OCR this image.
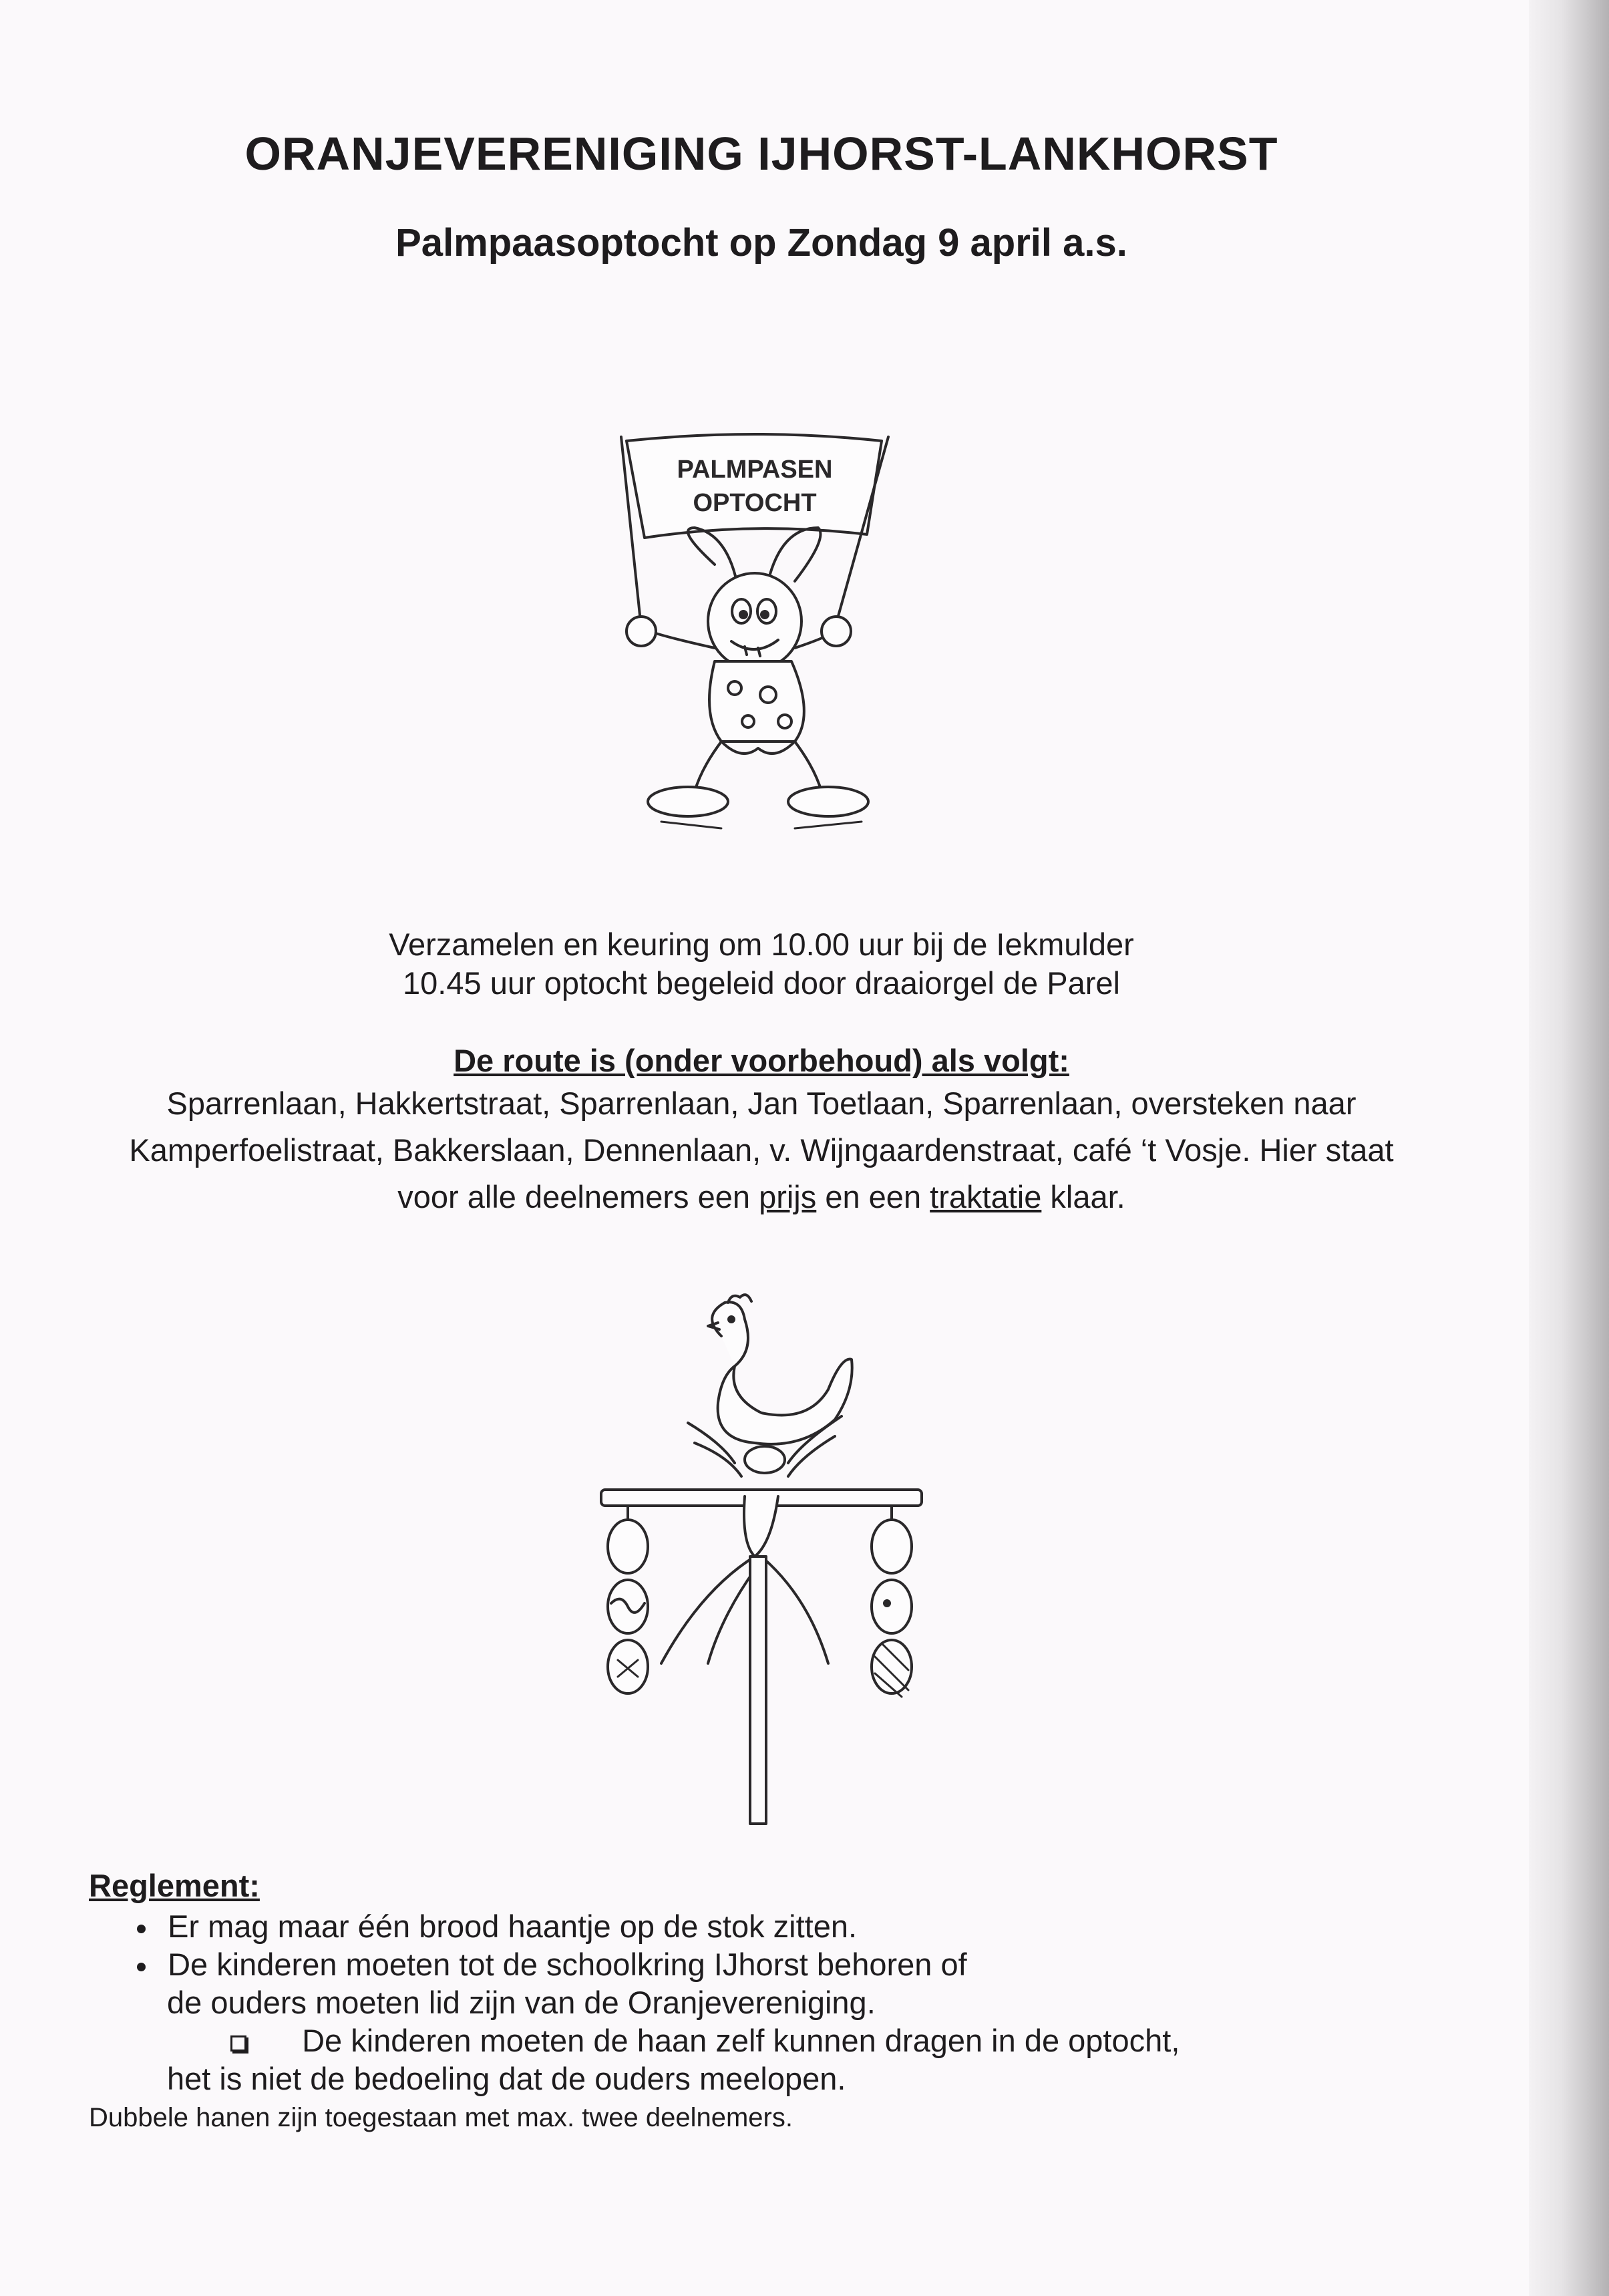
ORANJEVERENIGING IJHORST-LANKHORST
Palmpaasoptocht op Zondag 9 april a.s.
PALMPASEN
OPTOCHT
Verzamelen en keuring om 10.00 uur bij de Iekmulder
10.45 uur optocht begeleid door draaiorgel de Parel
De route is (onder voorbehoud) als volgt:
Sparrenlaan, Hakkertstraat, Sparrenlaan, Jan Toetlaan, Sparrenlaan, oversteken naar Kamperfoelistraat, Bakkerslaan, Dennenlaan, v. Wijngaardenstraat, café ‘t Vosje. Hier staat voor alle deelnemers een prijs en een traktatie klaar.
Reglement:
Er mag maar één brood haantje op de stok zitten.
De kinderen moeten tot de schoolkring IJhorst behoren of
de ouders moeten lid zijn van de Oranjevereniging.
De kinderen moeten de haan zelf kunnen dragen in de optocht,
het is niet de bedoeling dat de ouders meelopen.
Dubbele hanen zijn toegestaan met max. twee deelnemers.
